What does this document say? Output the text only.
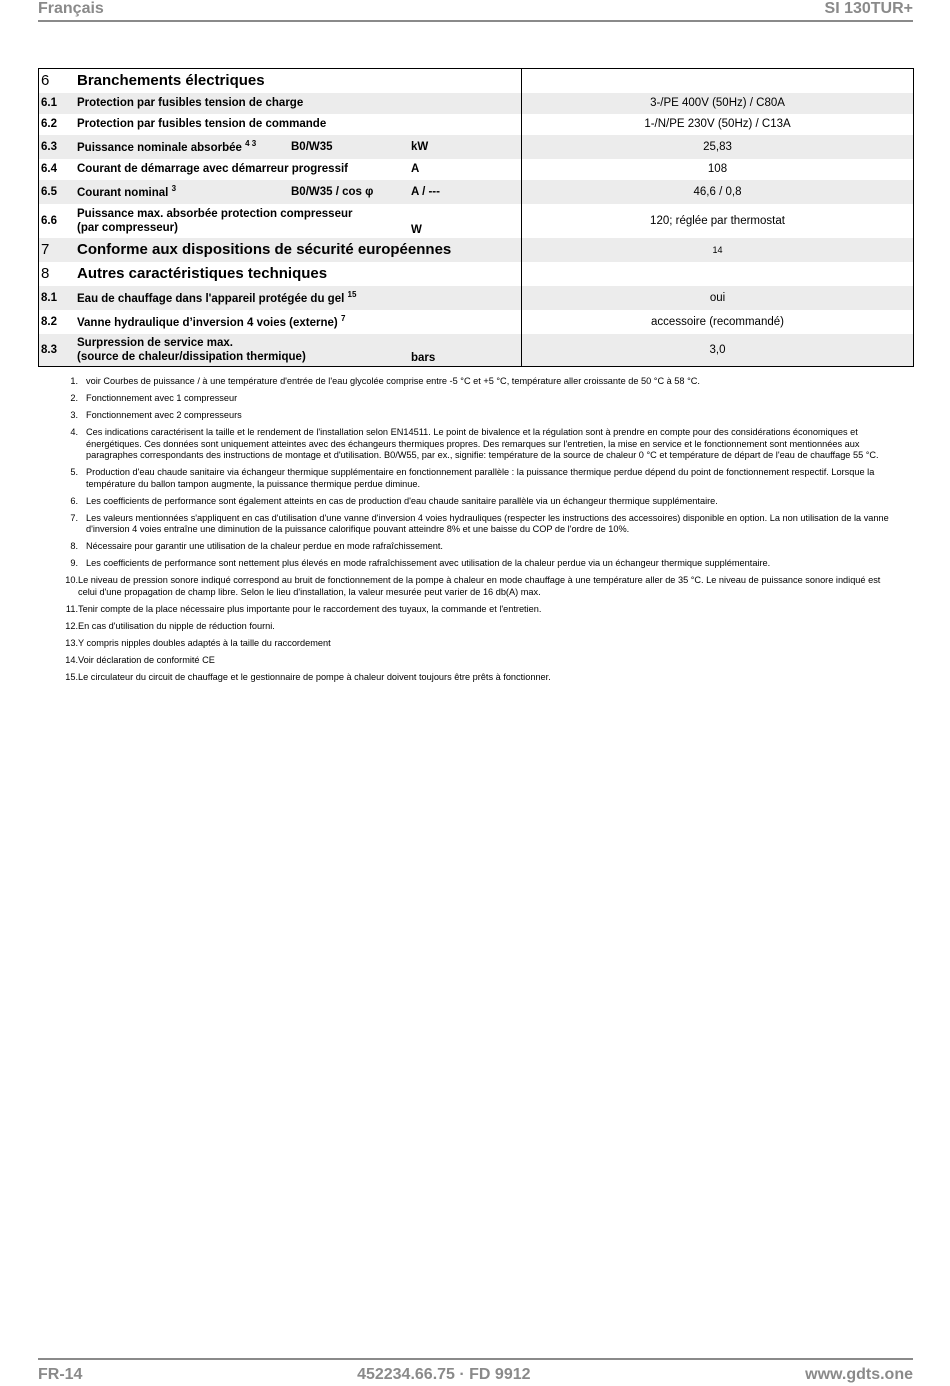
Français	SI 130TUR+
6	Branchements électriques			
6.1	Protection par fusibles tension de charge			3-/PE 400V (50Hz) / C80A
6.2	Protection par fusibles tension de commande			1-/N/PE 230V (50Hz) / C13A
6.3	Puissance nominale absorbée $^{4 3}$	B0/W35	kW	25,83
6.4	Courant de démarrage avec démarreur progressif		A	108
6.5	Courant nominal $^3$	B0/W35 / cos φ	A / ---	46,6 / 0,8
6.6	Puissance max. absorbée protection compresseur
(par compresseur)		W	120; réglée par thermostat
7	Conforme aux dispositions de sécurité européennes			14
8	Autres caractéristiques techniques			
8.1	Eau de chauffage dans l'appareil protégée du gel $^{15}$			oui
8.2	Vanne hydraulique d’inversion 4 voies (externe) $^7$			accessoire (recommandé)
8.3	Surpression de service max.
(source de chaleur/dissipation thermique)		bars	3,0
1. voir Courbes de puissance / à une température d'entrée de l'eau glycolée comprise entre -5 °C et +5 °C, température aller croissante de 50 °C à 58 °C.
2. Fonctionnement avec 1 compresseur
3. Fonctionnement avec 2 compresseurs
4. Ces indications caractérisent la taille et le rendement de l'installation selon EN14511. Le point de bivalence et la régulation sont à prendre en compte pour des considérations économiques et énergétiques. Ces données sont uniquement atteintes avec des échangeurs thermiques propres. Des remarques sur l'entretien, la mise en service et le fonctionnement sont mentionnées aux paragraphes correspondants des instructions de montage et d'utilisation. B0/W55, par ex., signifie: température de la source de chaleur 0 °C et température de départ de l'eau de chauffage 55 °C.
5. Production d'eau chaude sanitaire via échangeur thermique supplémentaire en fonctionnement parallèle : la puissance thermique perdue dépend du point de fonctionnement respectif. Lorsque la température du ballon tampon augmente, la puissance thermique perdue diminue.
6. Les coefficients de performance sont également atteints en cas de production d'eau chaude sanitaire parallèle via un échangeur thermique supplémentaire.
7. Les valeurs mentionnées s'appliquent en cas d'utilisation d'une vanne d'inversion 4 voies hydrauliques (respecter les instructions des accessoires) disponible en option. La non utilisation de la vanne d'inversion 4 voies entraîne une diminution de la puissance calorifique pouvant atteindre 8% et une baisse du COP de l'ordre de 10%.
8. Nécessaire pour garantir une utilisation de la chaleur perdue en mode rafraîchissement.
9. Les coefficients de performance sont nettement plus élevés en mode rafraîchissement avec utilisation de la chaleur perdue via un échangeur thermique supplémentaire.
10. Le niveau de pression sonore indiqué correspond au bruit de fonctionnement de la pompe à chaleur en mode chauffage à une température aller de 35 °C. Le niveau de puissance sonore indiqué est celui d'une propagation de champ libre. Selon le lieu d'installation, la valeur mesurée peut varier de 16 db(A) max.
11. Tenir compte de la place nécessaire plus importante pour le raccordement des tuyaux, la commande et l'entretien.
12. En cas d'utilisation du nipple de réduction fourni.
13. Y compris nipples doubles adaptés à la taille du raccordement
14. Voir déclaration de conformité CE
15. Le circulateur du circuit de chauffage et le gestionnaire de pompe à chaleur doivent toujours être prêts à fonctionner.
FR-14	452234.66.75 · FD 9912	www.gdts.one
